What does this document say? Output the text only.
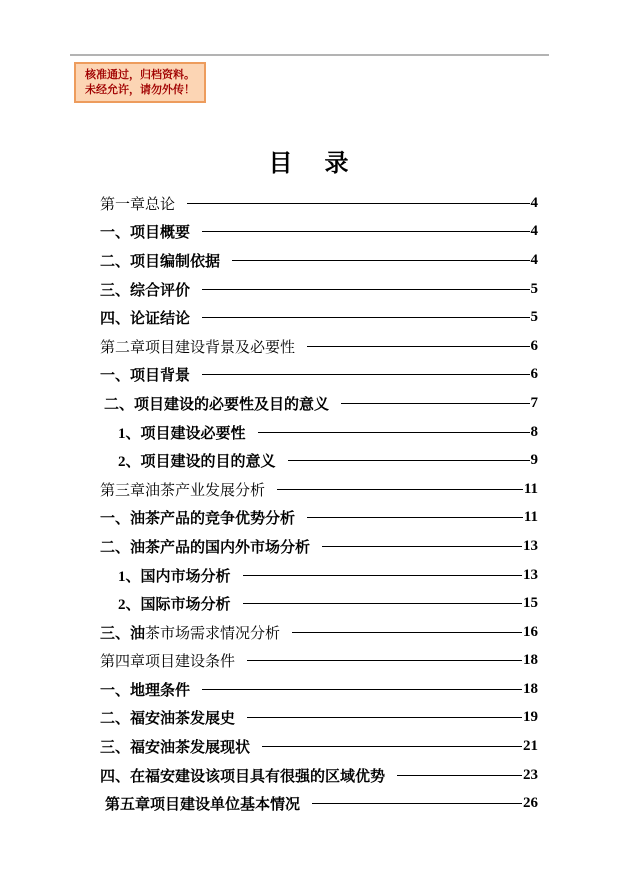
核准通过，归档资料。
未经允许，请勿外传！
目　录
第一章总论	4
一、项目概要	4
二、项目编制依据	4
三、综合评价	5
四、论证结论	5
第二章项目建设背景及必要性	6
一、项目背景	6
二、项目建设的必要性及目的意义	7
1、项目建设必要性	8
2、项目建设的目的意义	9
第三章油茶产业发展分析	11
一、油茶产品的竞争优势分析	11
二、油茶产品的国内外市场分析	13
1、国内市场分析	13
2、国际市场分析	15
三、油茶市场需求情况分析	16
第四章项目建设条件	18
一、地理条件	18
二、福安油茶发展史	19
三、福安油茶发展现状	21
四、在福安建设该项目具有很强的区域优势	23
第五章项目建设单位基本情况	26
